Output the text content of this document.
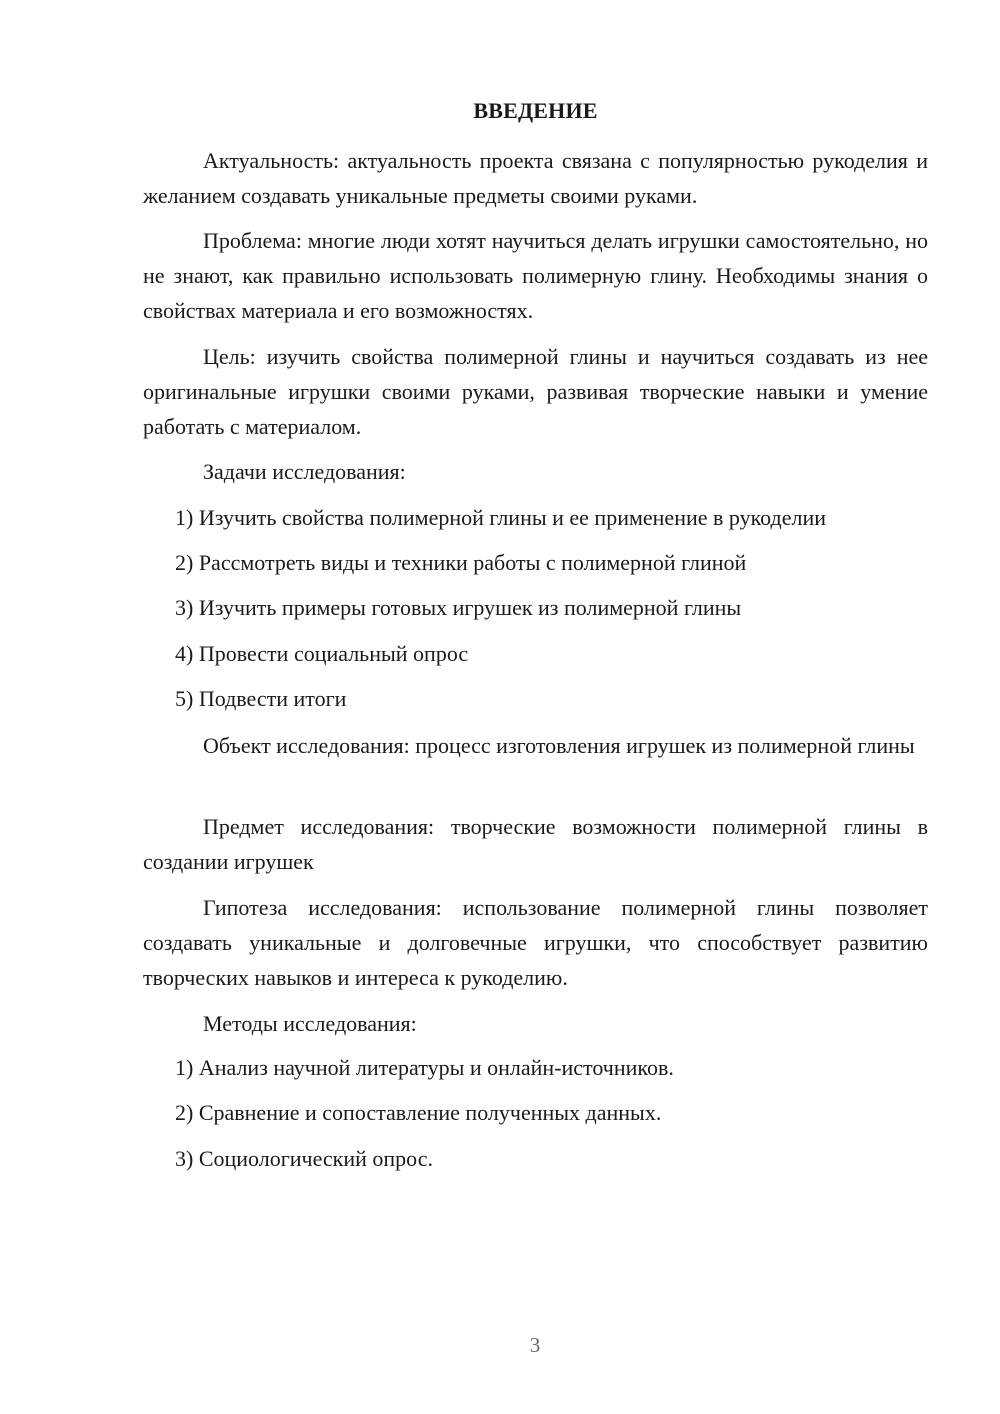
ВВЕДЕНИЕ

Актуальность: актуальность проекта связана с популярностью рукоделия и желанием создавать уникальные предметы своими руками.

Проблема: многие люди хотят научиться делать игрушки самостоятельно, но не знают, как правильно использовать полимерную глину. Необходимы знания о свойствах материала и его возможностях.

Цель: изучить свойства полимерной глины и научиться создавать из нее оригинальные игрушки своими руками, развивая творческие навыки и умение работать с материалом.

Задачи исследования:

1) Изучить свойства полимерной глины и ее применение в рукоделии

2) Рассмотреть виды и техники работы с полимерной глиной

3) Изучить примеры готовых игрушек из полимерной глины

4) Провести социальный опрос

5) Подвести итоги

Объект исследования: процесс изготовления игрушек из полимерной глины

Предмет исследования: творческие возможности полимерной глины в создании игрушек

Гипотеза исследования: использование полимерной глины позволяет создавать уникальные и долговечные игрушки, что способствует развитию творческих навыков и интереса к рукоделию.

Методы исследования:

1) Анализ научной литературы и онлайн-источников.

2) Сравнение и сопоставление полученных данных.

3) Социологический опрос.

3
